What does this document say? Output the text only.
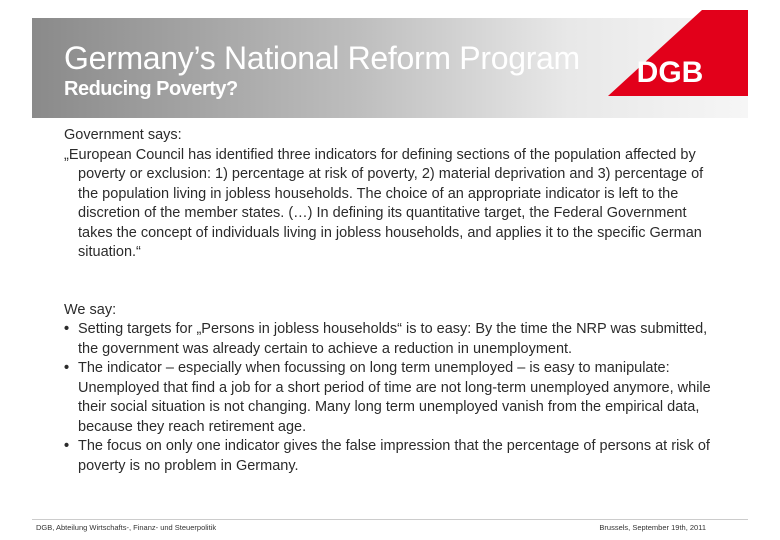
Germany’s National Reform Program
Reducing Poverty?	DGB

Government says:

„European Council has identified three indicators for defining sections of the population affected by poverty or exclusion: 1) percentage at risk of poverty, 2) material deprivation and 3) percentage of the population living in jobless households. The choice of an appropriate indicator is left to the discretion of the member states. (…) In defining its quantitative target, the Federal Government takes the concept of individuals living in jobless households, and applies it to the specific German situation.“

We say:

• Setting targets for „Persons in jobless households“ is to easy: By the time the NRP was submitted, the government was already certain to achieve a reduction in unemployment.
• The indicator – especially when focussing on long term unemployed – is easy to manipulate: Unemployed that find a job for a short period of time are not long-term unemployed anymore, while their social situation is not changing. Many long term unemployed vanish from the empirical data, because they reach retirement age.
• The focus on only one indicator gives the false impression that the percentage of persons at risk of poverty is no problem in Germany.
DGB, Abteilung Wirtschafts-, Finanz- und Steuerpolitik	Brussels, September 19th, 2011
